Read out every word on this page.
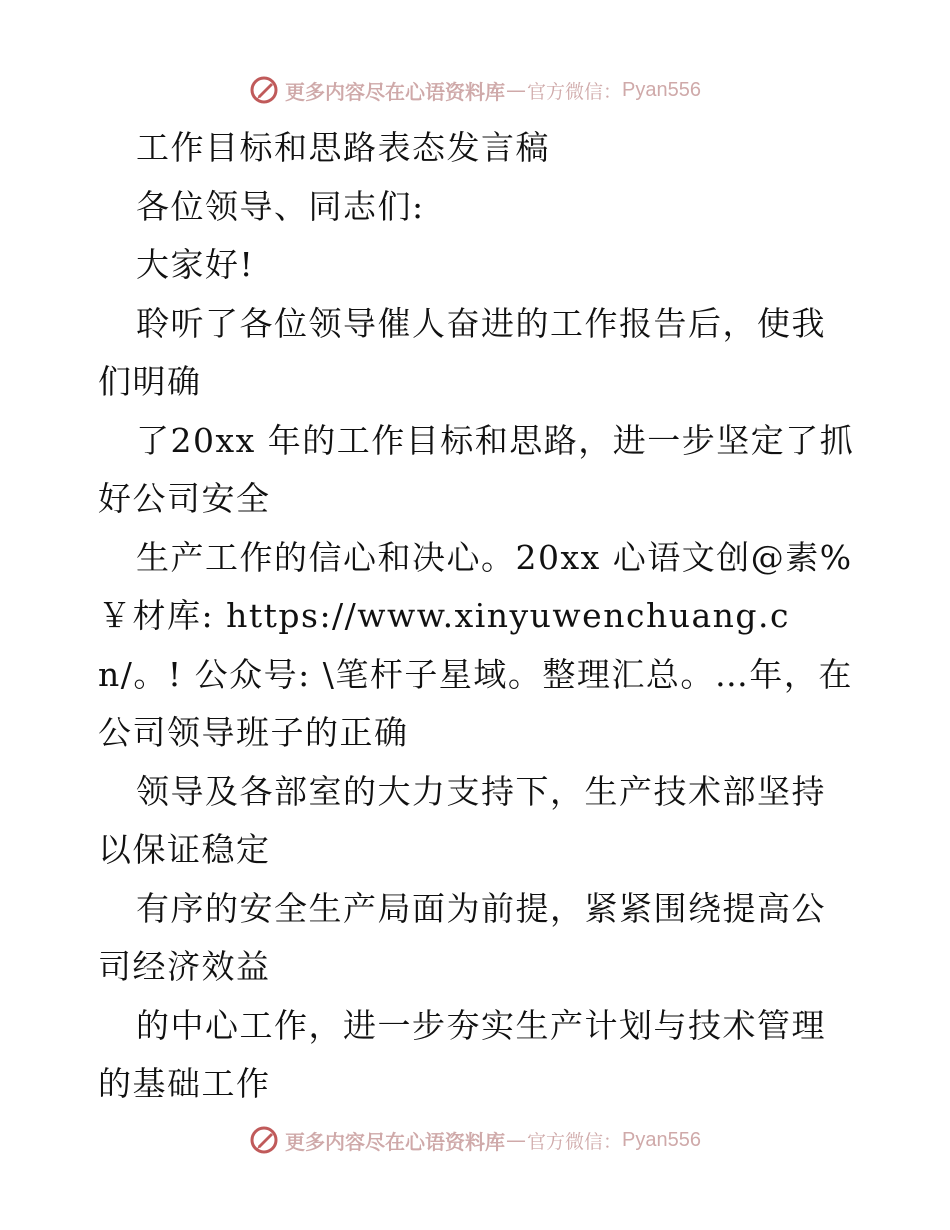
更多内容尽在心语资料库 — 官方微信： Pyan556

工作目标和思路表态发言稿

各位领导、同志们:

大家好!

聆听了各位领导催人奋进的工作报告后，使我们明确

了20xx 年的工作目标和思路，进一步坚定了抓好公司安全

生产工作的信心和决心。20xx 心语文创@素%￥材库: https://www.xinyuwenchuang.cn/。! 公众号: \笔杆子星域。整理汇总。…年，在公司领导班子的正确

领导及各部室的大力支持下，生产技术部坚持以保证稳定

有序的安全生产局面为前提，紧紧围绕提高公司经济效益

的中心工作，进一步夯实生产计划与技术管理的基础工作

更多内容尽在心语资料库 — 官方微信： Pyan556
